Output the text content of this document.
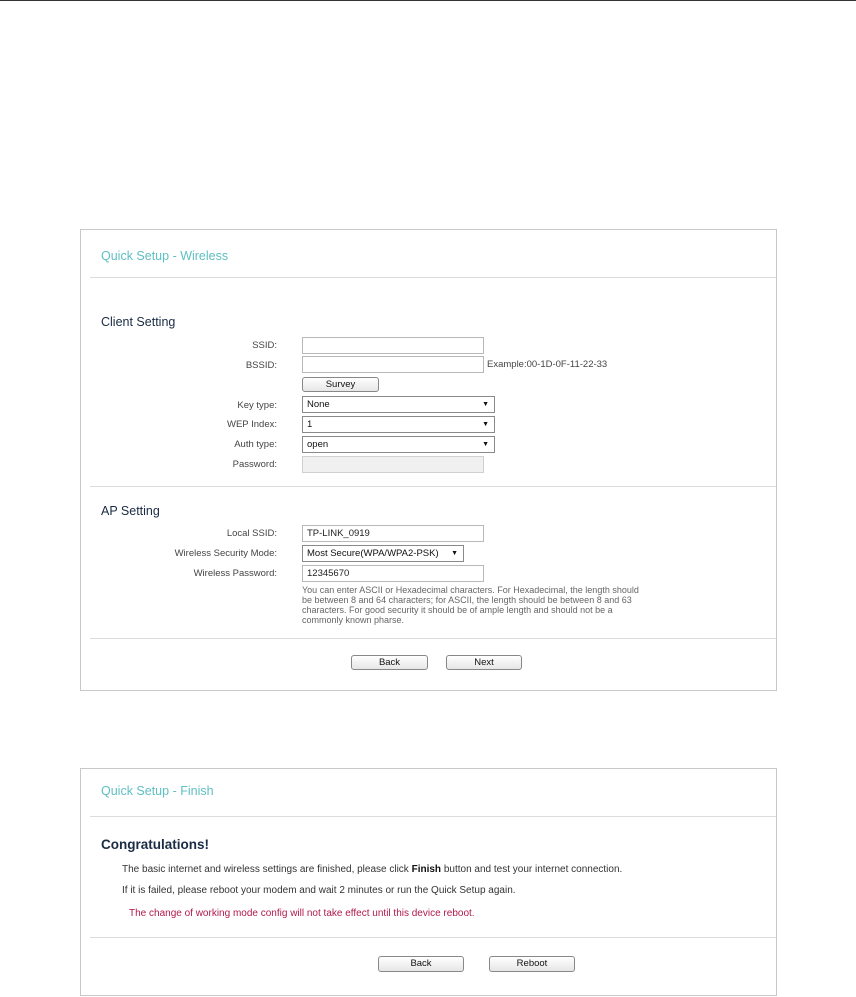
Quick Setup - Wireless
Client Setting
SSID:
BSSID:	Example:00-1D-0F-11-22-33
Survey
Key type:	None	▼
WEP Index:	1	▼
Auth type:	open	▼
Password:
AP Setting
Local SSID:
TP-LINK_0919
Wireless Security Mode:	Most Secure(WPA/WPA2-PSK) ▼
Wireless Password:
12345670
You can enter ASCII or Hexadecimal characters. For Hexadecimal, the length should
be between 8 and 64 characters; for ASCII, the length should be between 8 and 63
characters. For good security it should be of ample length and should not be a
commonly known pharse.
Back	Next
Quick Setup - Finish
Congratulations!
The basic internet and wireless settings are finished, please click Finish button and test your internet connection.
If it is failed, please reboot your modem and wait 2 minutes or run the Quick Setup again.
The change of working mode config will not take effect until this device reboot.
Back	Reboot
